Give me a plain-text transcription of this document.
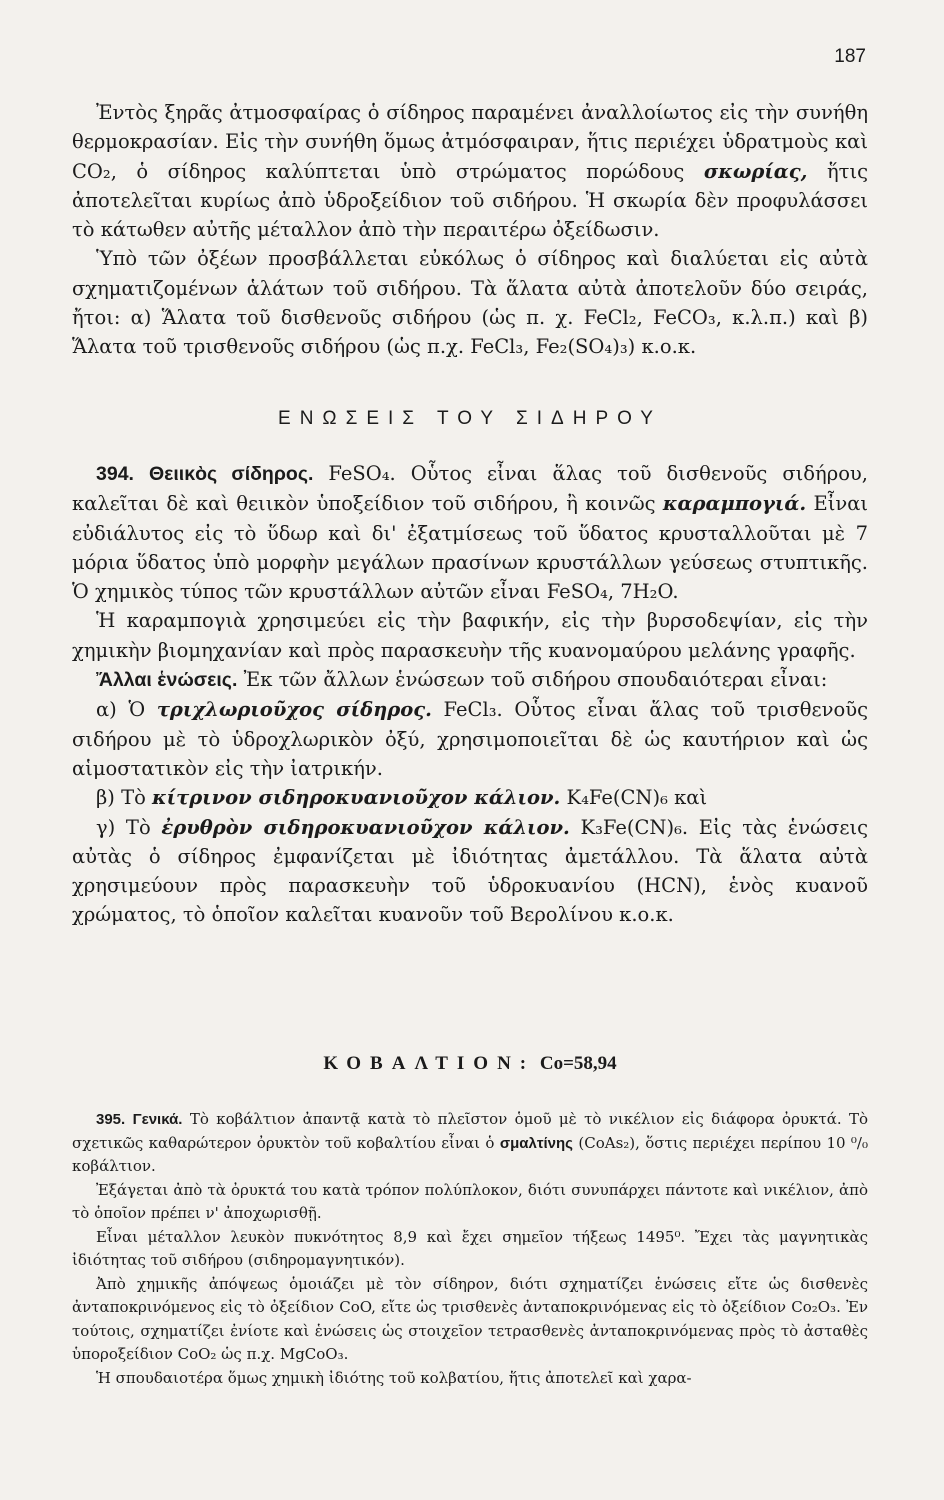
187

Ἐντὸς ξηρᾶς ἀτμοσφαίρας ὁ σίδηρος παραμένει ἀναλλοίωτος εἰς τὴν συνήθη θερμοκρασίαν. Εἰς τὴν συνήθη ὅμως ἀτμόσφαιραν, ἥτις περιέχει ὑδρατμοὺς καὶ CO₂, ὁ σίδηρος καλύπτεται ὑπὸ στρώματος πορώδους σκωρίας, ἥτις ἀποτελεῖται κυρίως ἀπὸ ὑδροξείδιον τοῦ σιδήρου. Ἡ σκωρία δὲν προφυλάσσει τὸ κάτωθεν αὐτῆς μέταλλον ἀπὸ τὴν περαιτέρω ὀξείδωσιν.

Ὑπὸ τῶν ὀξέων προσβάλλεται εὐκόλως ὁ σίδηρος καὶ διαλύεται εἰς αὐτὰ σχηματιζομένων ἁλάτων τοῦ σιδήρου. Τὰ ἅλατα αὐτὰ ἀποτελοῦν δύο σειράς, ἤτοι: α) Ἅλατα τοῦ δισθενοῦς σιδήρου (ὡς π. χ. FeCl₂, FeCO₃, κ.λ.π.) καὶ β) Ἅλατα τοῦ τρισθενοῦς σιδήρου (ὡς π.χ. FeCl₃, Fe₂(SO₄)₃) κ.ο.κ.

ΕΝΩΣΕΙΣ ΤΟΥ ΣΙΔΗΡΟΥ

394. Θειικὸς σίδηρος. FeSO₄. Οὗτος εἶναι ἅλας τοῦ δισθενοῦς σιδήρου, καλεῖται δὲ καὶ θειικὸν ὑποξείδιον τοῦ σιδήρου, ἢ κοινῶς καραμπογιά. Εἶναι εὐδιάλυτος εἰς τὸ ὕδωρ καὶ δι' ἐξατμίσεως τοῦ ὕδατος κρυσταλλοῦται μὲ 7 μόρια ὕδατος ὑπὸ μορφὴν μεγάλων πρασίνων κρυστάλλων γεύσεως στυπτικῆς. Ὁ χημικὸς τύπος τῶν κρυστάλλων αὐτῶν εἶναι FeSO₄, 7H₂O.

Ἡ καραμπογιὰ χρησιμεύει εἰς τὴν βαφικήν, εἰς τὴν βυρσοδεψίαν, εἰς τὴν χημικὴν βιομηχανίαν καὶ πρὸς παρασκευὴν τῆς κυανομαύρου μελάνης γραφῆς.

Ἄλλαι ἑνώσεις. Ἐκ τῶν ἄλλων ἑνώσεων τοῦ σιδήρου σπουδαιότεραι εἶναι:

α) Ὁ τριχλωριοῦχος σίδηρος. FeCl₃. Οὗτος εἶναι ἅλας τοῦ τρισθενοῦς σιδήρου μὲ τὸ ὑδροχλωρικὸν ὀξύ, χρησιμοποιεῖται δὲ ὡς καυτήριον καὶ ὡς αἱμοστατικὸν εἰς τὴν ἰατρικήν.

β) Τὸ κίτρινον σιδηροκυανιοῦχον κάλιον. K₄Fe(CN)₆ καὶ

γ) Τὸ ἐρυθρὸν σιδηροκυανιοῦχον κάλιον. K₃Fe(CN)₆. Εἰς τὰς ἑνώσεις αὐτὰς ὁ σίδηρος ἐμφανίζεται μὲ ἰδιότητας ἀμετάλλου. Τὰ ἅλατα αὐτὰ χρησιμεύουν πρὸς παρασκευὴν τοῦ ὑδροκυανίου (HCN), ἑνὸς κυανοῦ χρώματος, τὸ ὁποῖον καλεῖται κυανοῦν τοῦ Βερολίνου κ.ο.κ.

ΚΟΒΑΛΤΙΟΝ: Co=58,94

395. Γενικά. Τὸ κοβάλτιον ἀπαντᾷ κατὰ τὸ πλεῖστον ὁμοῦ μὲ τὸ νικέλιον εἰς διάφορα ὀρυκτά. Τὸ σχετικῶς καθαρώτερον ὀρυκτὸν τοῦ κοβαλτίου εἶναι ὁ σμαλτίνης (CoAs₂), ὅστις περιέχει περίπου 10 ⁰/₀ κοβάλτιον.

Ἐξάγεται ἀπὸ τὰ ὀρυκτά του κατὰ τρόπον πολύπλοκον, διότι συνυπάρχει πάντοτε καὶ νικέλιον, ἀπὸ τὸ ὁποῖον πρέπει ν' ἀποχωρισθῇ.

Εἶναι μέταλλον λευκὸν πυκνότητος 8,9 καὶ ἔχει σημεῖον τήξεως 1495⁰. Ἔχει τὰς μαγνητικὰς ἰδιότητας τοῦ σιδήρου (σιδηρομαγνητικόν).

Ἀπὸ χημικῆς ἀπόψεως ὁμοιάζει μὲ τὸν σίδηρον, διότι σχηματίζει ἑνώσεις εἴτε ὡς δισθενὲς ἀνταποκρινόμενος εἰς τὸ ὀξείδιον CoO, εἴτε ὡς τρισθενὲς ἀνταποκρινόμενας εἰς τὸ ὀξείδιον Co₂O₃. Ἐν τούτοις, σχηματίζει ἐνίοτε καὶ ἑνώσεις ὡς στοιχεῖον τετρασθενὲς ἀνταποκρινόμενας πρὸς τὸ ἀσταθὲς ὑποροξείδιον CoO₂ ὡς π.χ. MgCoO₃.

Ἡ σπουδαιοτέρα ὅμως χημικὴ ἰδιότης τοῦ κολβατίου, ἥτις ἀποτελεῖ καὶ χαρα-
